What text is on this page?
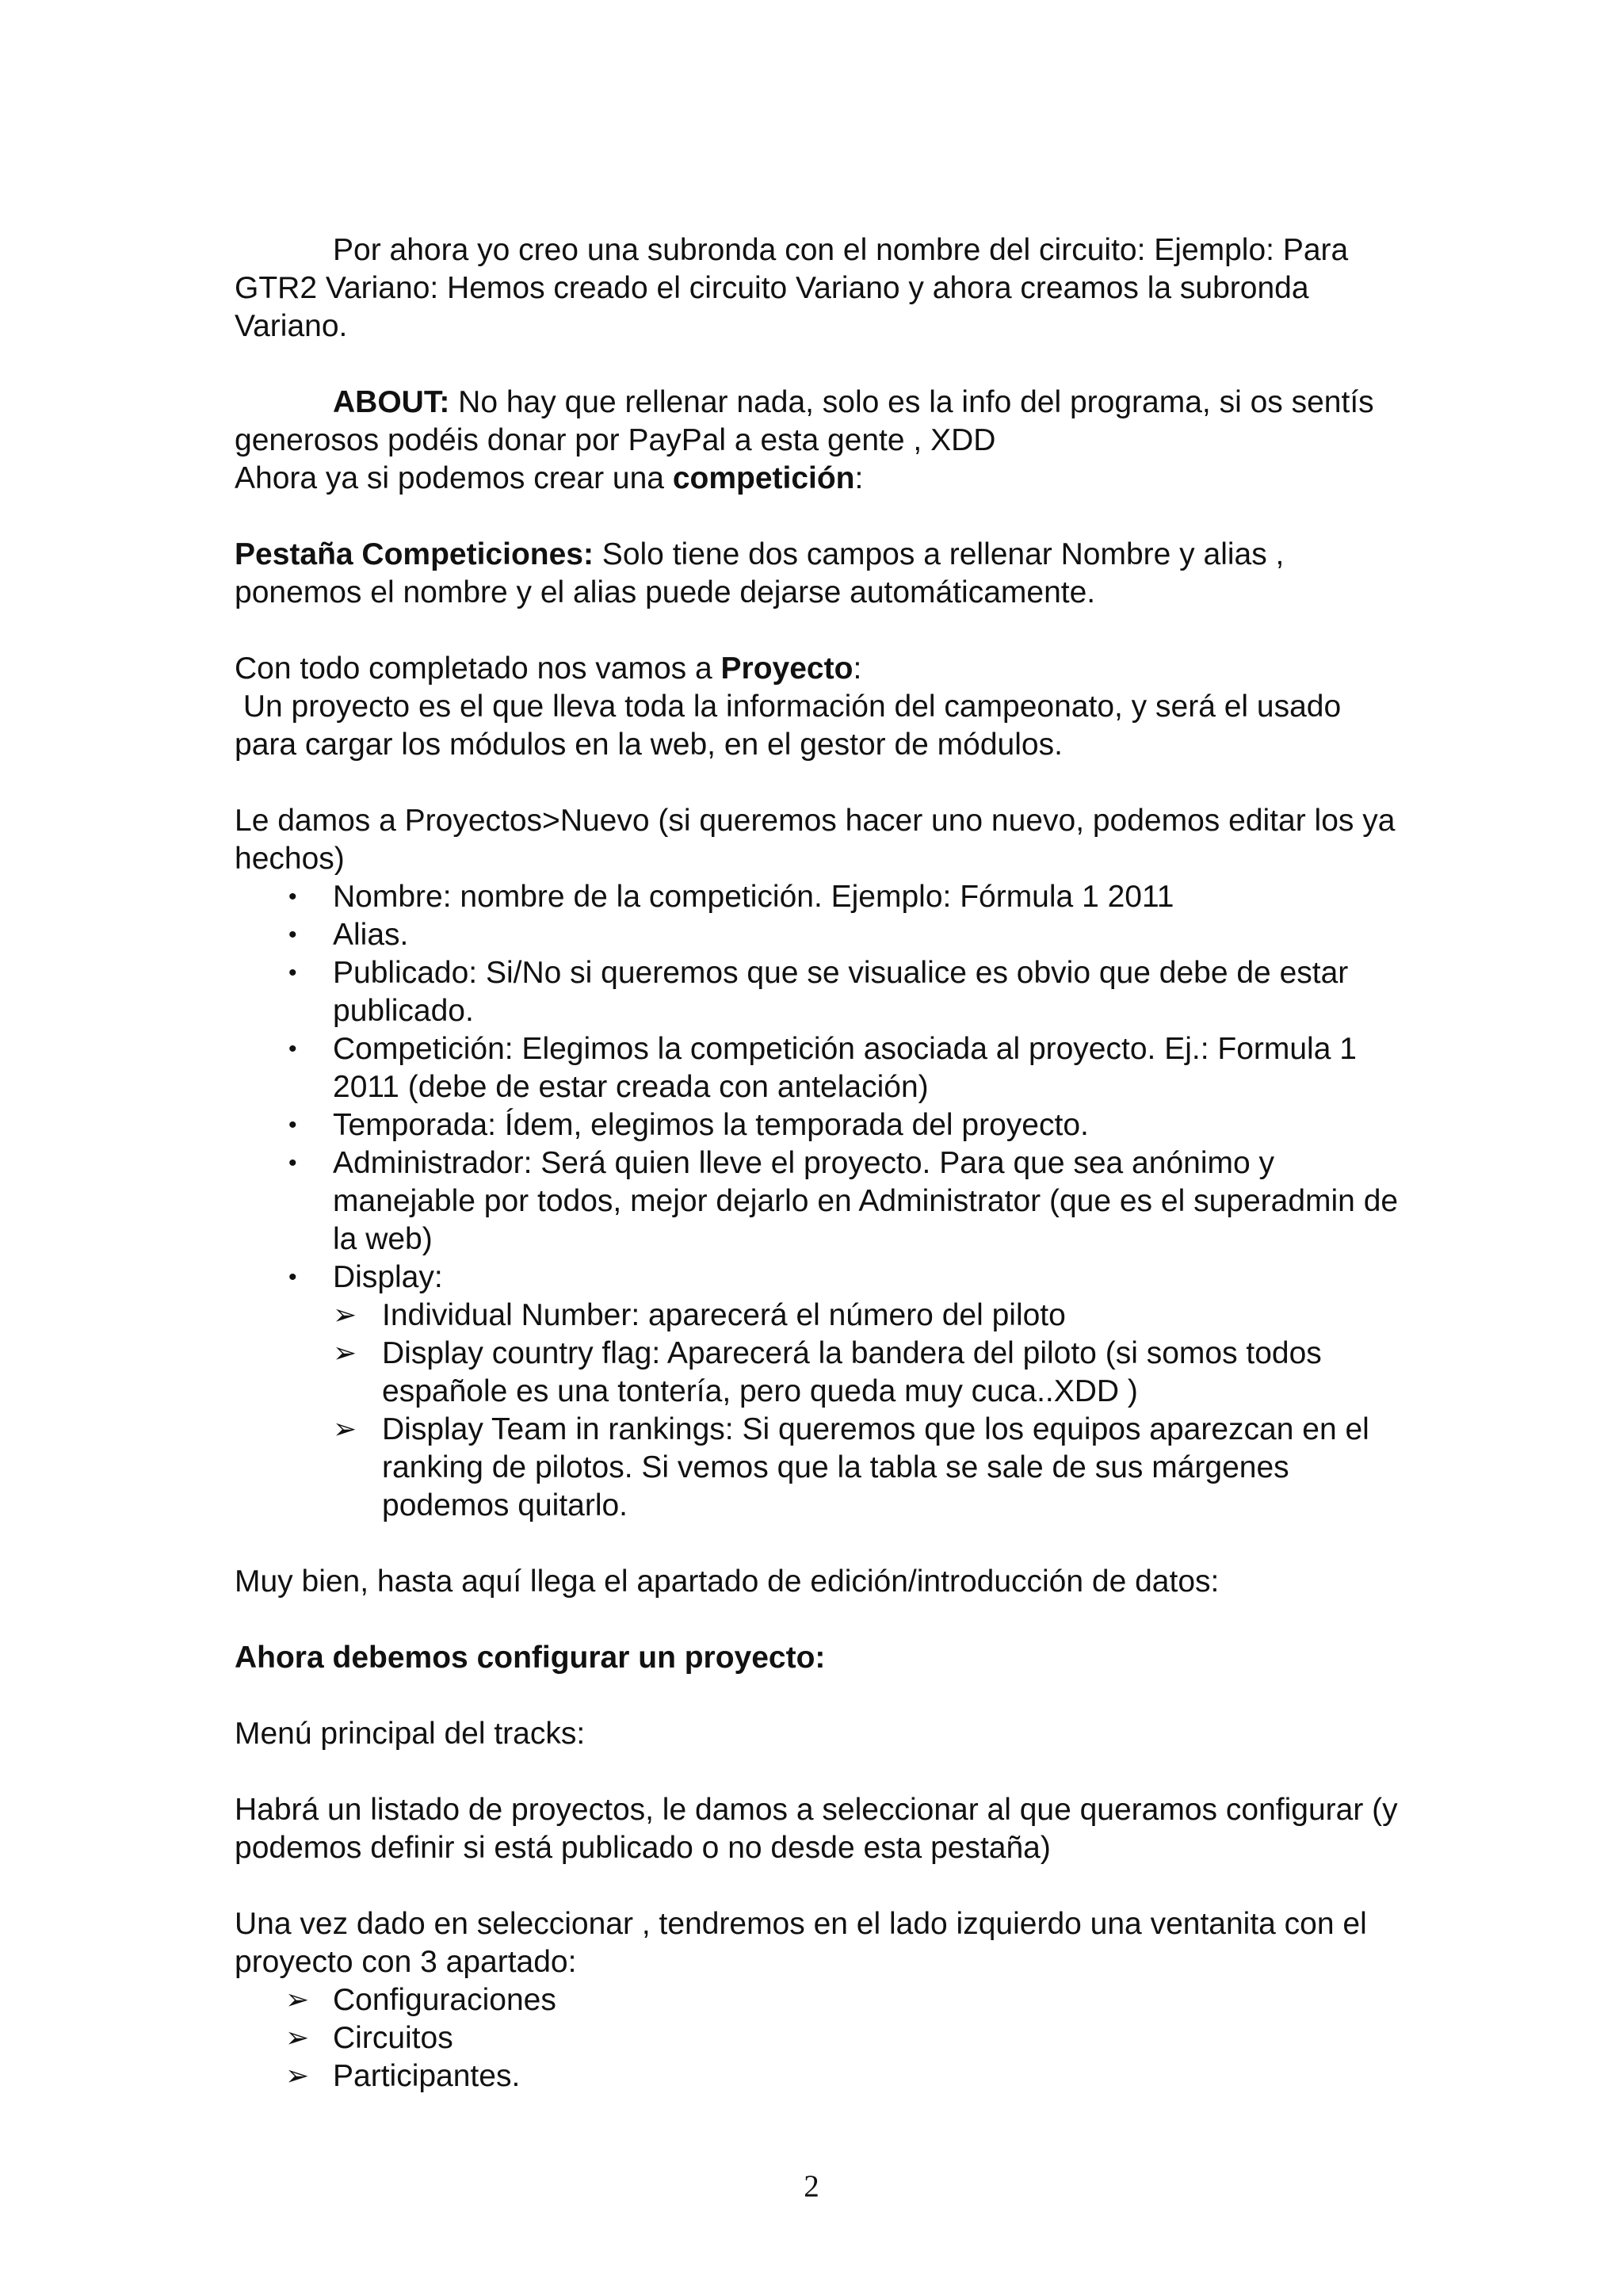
Por ahora yo creo una subronda con el nombre del circuito: Ejemplo: Para GTR2 Variano: Hemos creado el circuito Variano y ahora creamos la subronda Variano.

ABOUT: No hay que rellenar nada, solo es la info del programa, si os sentís generosos podéis donar por PayPal a esta gente , XDD

Ahora ya si podemos crear una competición:

Pestaña Competiciones: Solo tiene dos campos a rellenar Nombre y alias , ponemos el nombre y el alias puede dejarse automáticamente.

Con todo completado nos vamos a Proyecto:

Un proyecto es el que lleva toda la información del campeonato, y será el usado para cargar los módulos en la web, en el gestor de módulos.

Le damos a Proyectos>Nuevo (si queremos hacer uno nuevo, podemos editar los ya hechos)

• Nombre: nombre de la competición. Ejemplo: Fórmula 1 2011
• Alias.
• Publicado: Si/No si queremos que se visualice es obvio que debe de estar publicado.
• Competición: Elegimos la competición asociada al proyecto. Ej.: Formula 1 2011 (debe de estar creada con antelación)
• Temporada: Ídem, elegimos la temporada del proyecto.
• Administrador: Será quien lleve el proyecto. Para que sea anónimo y manejable por todos, mejor dejarlo en Administrator (que es el superadmin de la web)
• Display:
➢ Individual Number: aparecerá el número del piloto
➢ Display country flag: Aparecerá la bandera del piloto (si somos todos españole es una tontería, pero queda muy cuca..XDD )
➢ Display Team in rankings: Si queremos que los equipos aparezcan en el ranking de pilotos. Si vemos que la tabla se sale de sus márgenes podemos quitarlo.

Muy bien, hasta aquí llega el apartado de edición/introducción de datos:

Ahora debemos configurar un proyecto:

Menú principal del tracks:

Habrá un listado de proyectos, le damos a seleccionar al que queramos configurar (y podemos definir si está publicado o no desde esta pestaña)

Una vez dado en seleccionar , tendremos en el lado izquierdo una ventanita con el proyecto con 3 apartado:

➢ Configuraciones
➢ Circuitos
➢ Participantes.
2
